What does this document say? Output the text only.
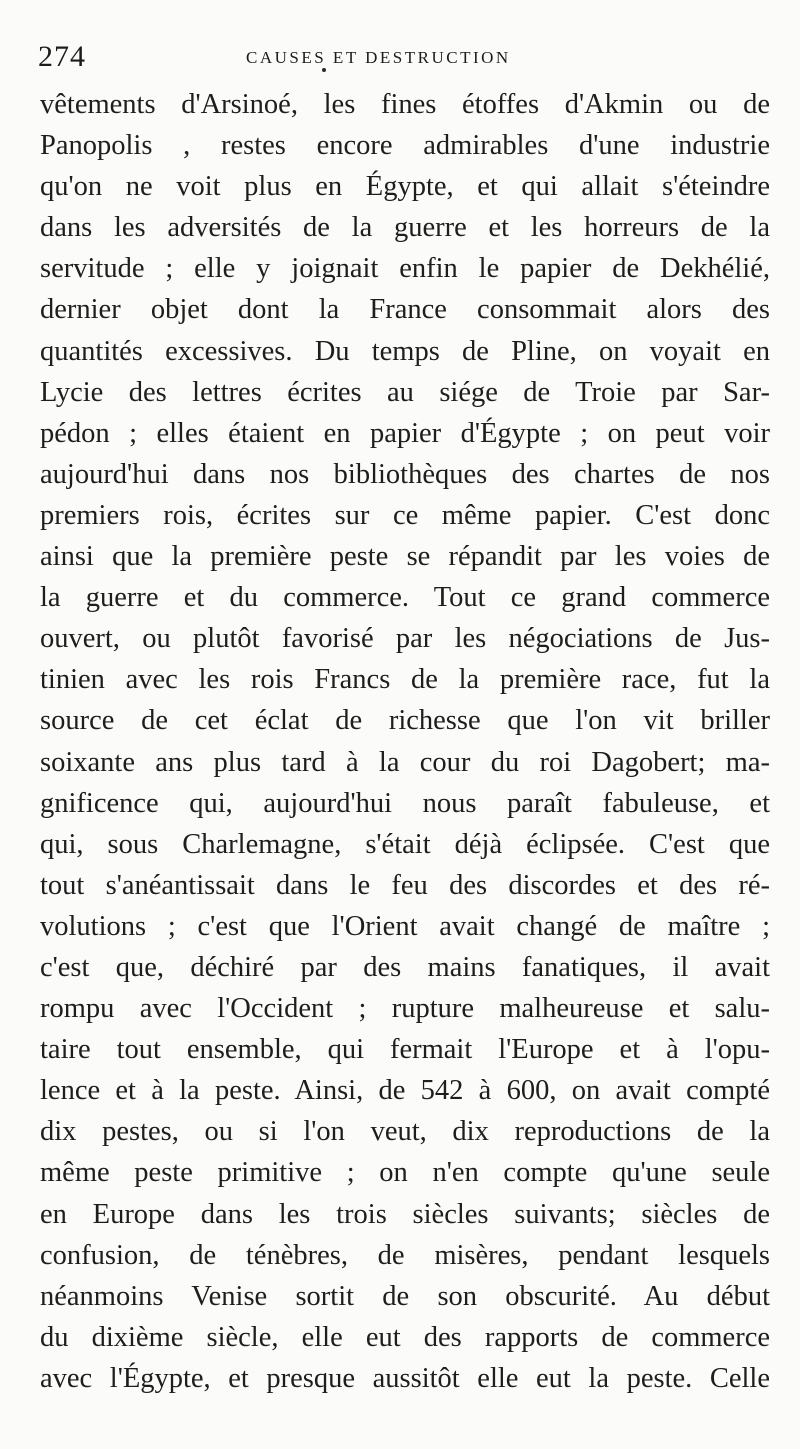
274	CAUSES ET DESTRUCTION
vêtements d'Arsinoé, les fines étoffes d'Akmin ou de
Panopolis , restes encore admirables d'une industrie
qu'on ne voit plus en Égypte, et qui allait s'éteindre
dans les adversités de la guerre et les horreurs de la
servitude ; elle y joignait enfin le papier de Dekhélié,
dernier objet dont la France consommait alors des
quantités excessives. Du temps de Pline, on voyait en
Lycie des lettres écrites au siége de Troie par Sar-
pédon ; elles étaient en papier d'Égypte ; on peut voir
aujourd'hui dans nos bibliothèques des chartes de nos
premiers rois, écrites sur ce même papier. C'est donc
ainsi que la première peste se répandit par les voies de
la guerre et du commerce. Tout ce grand commerce
ouvert, ou plutôt favorisé par les négociations de Jus-
tinien avec les rois Francs de la première race, fut la
source de cet éclat de richesse que l'on vit briller
soixante ans plus tard à la cour du roi Dagobert; ma-
gnificence qui, aujourd'hui nous paraît fabuleuse, et
qui, sous Charlemagne, s'était déjà éclipsée. C'est que
tout s'anéantissait dans le feu des discordes et des ré-
volutions ; c'est que l'Orient avait changé de maître ;
c'est que, déchiré par des mains fanatiques, il avait
rompu avec l'Occident ; rupture malheureuse et salu-
taire tout ensemble, qui fermait l'Europe et à l'opu-
lence et à la peste. Ainsi, de 542 à 600, on avait compté
dix pestes, ou si l'on veut, dix reproductions de la
même peste primitive ; on n'en compte qu'une seule
en Europe dans les trois siècles suivants; siècles de
confusion, de ténèbres, de misères, pendant lesquels
néanmoins Venise sortit de son obscurité. Au début
du dixième siècle, elle eut des rapports de commerce
avec l'Égypte, et presque aussitôt elle eut la peste. Celle
